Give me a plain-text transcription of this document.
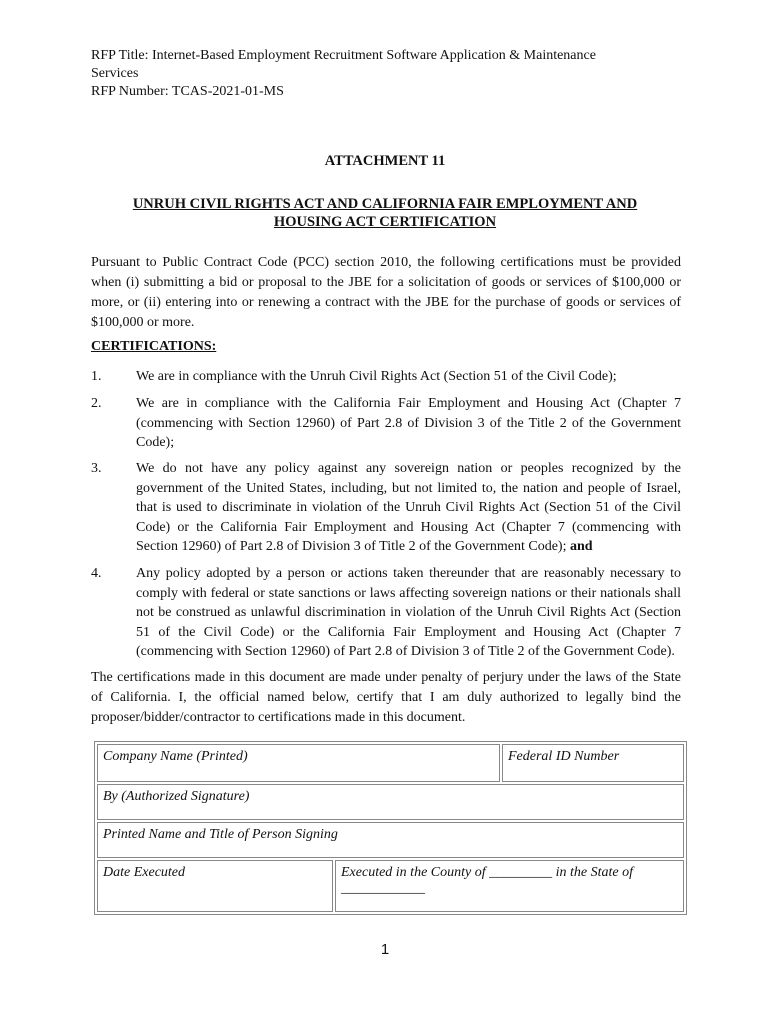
RFP Title: Internet-Based Employment Recruitment Software Application & Maintenance
Services
RFP Number: TCAS-2021-01-MS
ATTACHMENT 11
UNRUH CIVIL RIGHTS ACT AND CALIFORNIA FAIR EMPLOYMENT AND
HOUSING ACT CERTIFICATION
Pursuant to Public Contract Code (PCC) section 2010, the following certifications must be provided when (i) submitting a bid or proposal to the JBE for a solicitation of goods or services of $100,000 or more, or (ii) entering into or renewing a contract with the JBE for the purchase of goods or services of $100,000 or more.
CERTIFICATIONS:
1.	We are in compliance with the Unruh Civil Rights Act (Section 51 of the Civil Code);
2.	We are in compliance with the California Fair Employment and Housing Act (Chapter 7 (commencing with Section 12960) of Part 2.8 of Division 3 of the Title 2 of the Government Code);
3.	We do not have any policy against any sovereign nation or peoples recognized by the government of the United States, including, but not limited to, the nation and people of Israel, that is used to discriminate in violation of the Unruh Civil Rights Act (Section 51 of the Civil Code) or the California Fair Employment and Housing Act (Chapter 7 (commencing with Section 12960) of Part 2.8 of Division 3 of Title 2 of the Government Code); and
4.	Any policy adopted by a person or actions taken thereunder that are reasonably necessary to comply with federal or state sanctions or laws affecting sovereign nations or their nationals shall not be construed as unlawful discrimination in violation of the Unruh Civil Rights Act (Section 51 of the Civil Code) or the California Fair Employment and Housing Act (Chapter 7 (commencing with Section 12960) of Part 2.8 of Division 3 of Title 2 of the Government Code).
The certifications made in this document are made under penalty of perjury under the laws of the State of California. I, the official named below, certify that I am duly authorized to legally bind the proposer/bidder/contractor to certifications made in this document.
Company Name (Printed)		Federal ID Number
By (Authorized Signature)		
Printed Name and Title of Person Signing		
Date Executed	Executed in the County of _________ in the State of ____________	
1
